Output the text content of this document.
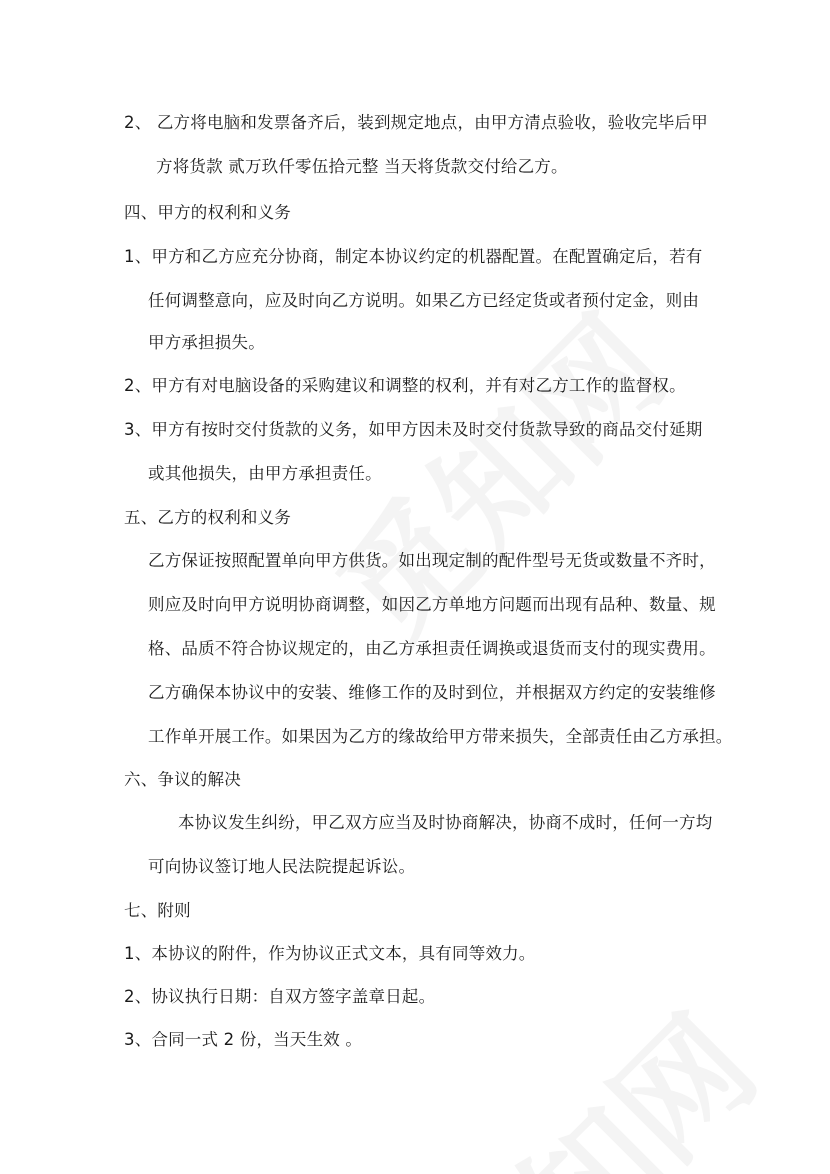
2、 乙方将电脑和发票备齐后，装到规定地点，由甲方清点验收，验收完毕后甲
方将货款 贰万玖仟零伍拾元整 当天将货款交付给乙方。
四、甲方的权利和义务
1、甲方和乙方应充分协商，制定本协议约定的机器配置。在配置确定后，若有
任何调整意向，应及时向乙方说明。如果乙方已经定货或者预付定金，则由
甲方承担损失。
2、甲方有对电脑设备的采购建议和调整的权利，并有对乙方工作的监督权。
3、甲方有按时交付货款的义务，如甲方因未及时交付货款导致的商品交付延期
或其他损失，由甲方承担责任。
五、乙方的权利和义务
乙方保证按照配置单向甲方供货。如出现定制的配件型号无货或数量不齐时，
则应及时向甲方说明协商调整，如因乙方单地方问题而出现有品种、数量、规
格、品质不符合协议规定的，由乙方承担责任调换或退货而支付的现实费用。
乙方确保本协议中的安装、维修工作的及时到位，并根据双方约定的安装维修
工作单开展工作。如果因为乙方的缘故给甲方带来损失，全部责任由乙方承担。
六、争议的解决
本协议发生纠纷，甲乙双方应当及时协商解决，协商不成时，任何一方均
可向协议签订地人民法院提起诉讼。
七、附则
1、本协议的附件，作为协议正式文本，具有同等效力。
2、协议执行日期：自双方签字盖章日起。
3、合同一式 2 份，当天生效 。
